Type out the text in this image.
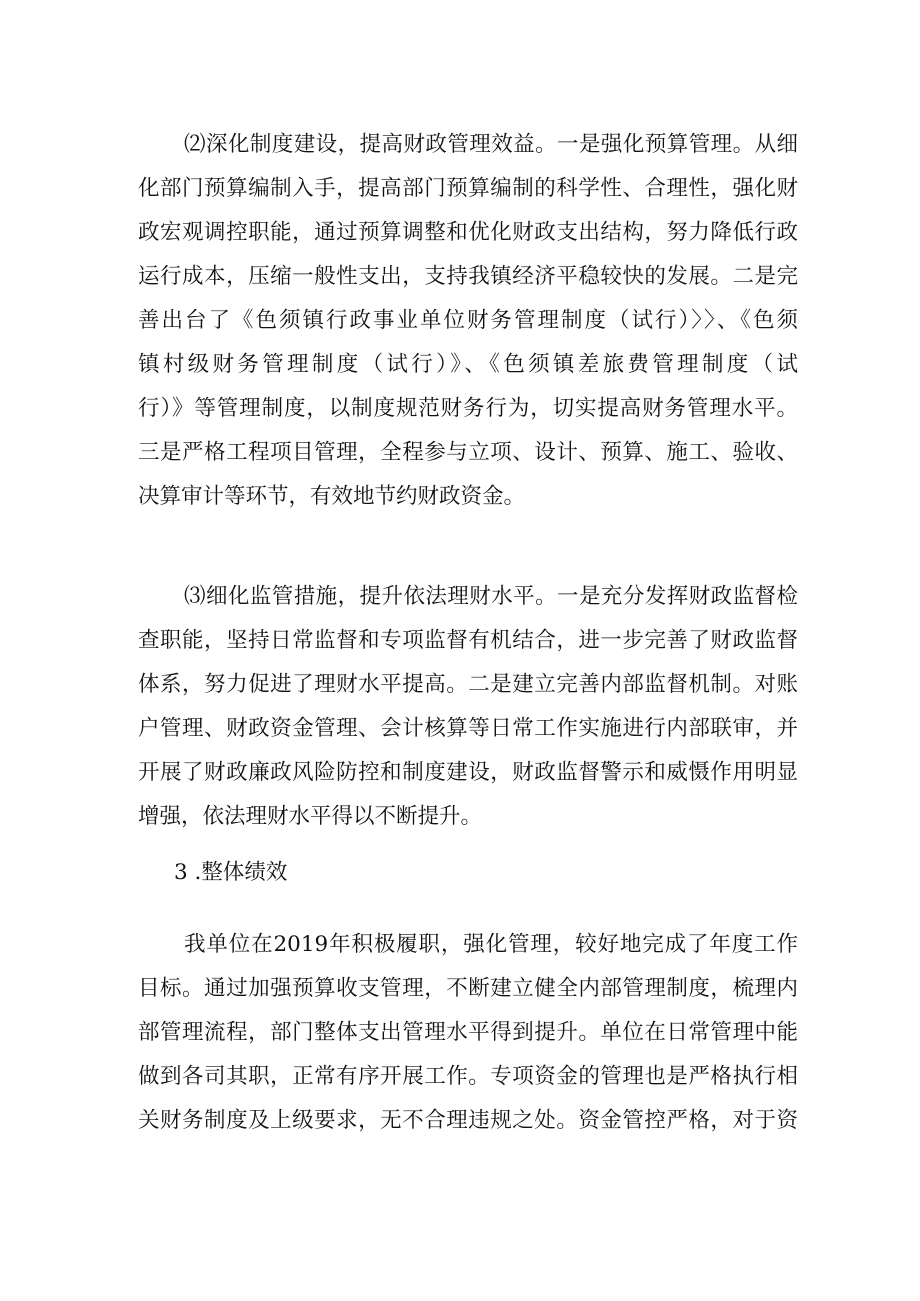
⑵深化制度建设，提高财政管理效益。一是强化预算管理。从细
化部门预算编制入手，提高部门预算编制的科学性、合理性，强化财
政宏观调控职能，通过预算调整和优化财政支出结构，努力降低行政
运行成本，压缩一般性支出，支持我镇经济平稳较快的发展。二是完
善出台了《色须镇行政事业单位财务管理制度（试行）〉〉、《色须
镇村级财务管理制度（试行）》、《色须镇差旅费管理制度（试
行）》等管理制度，以制度规范财务行为，切实提高财务管理水平。
三是严格工程项目管理，全程参与立项、设计、预算、施工、验收、
决算审计等环节，有效地节约财政资金。
⑶细化监管措施，提升依法理财水平。一是充分发挥财政监督检
查职能，坚持日常监督和专项监督有机结合，进一步完善了财政监督
体系，努力促进了理财水平提高。二是建立完善内部监督机制。对账
户管理、财政资金管理、会计核算等日常工作实施进行内部联审，并
开展了财政廉政风险防控和制度建设，财政监督警示和威慑作用明显
增强，依法理财水平得以不断提升。
3 .整体绩效
我单位在2019年积极履职，强化管理，较好地完成了年度工作
目标。通过加强预算收支管理，不断建立健全内部管理制度，梳理内
部管理流程，部门整体支出管理水平得到提升。单位在日常管理中能
做到各司其职，正常有序开展工作。专项资金的管理也是严格执行相
关财务制度及上级要求，无不合理违规之处。资金管控严格，对于资
